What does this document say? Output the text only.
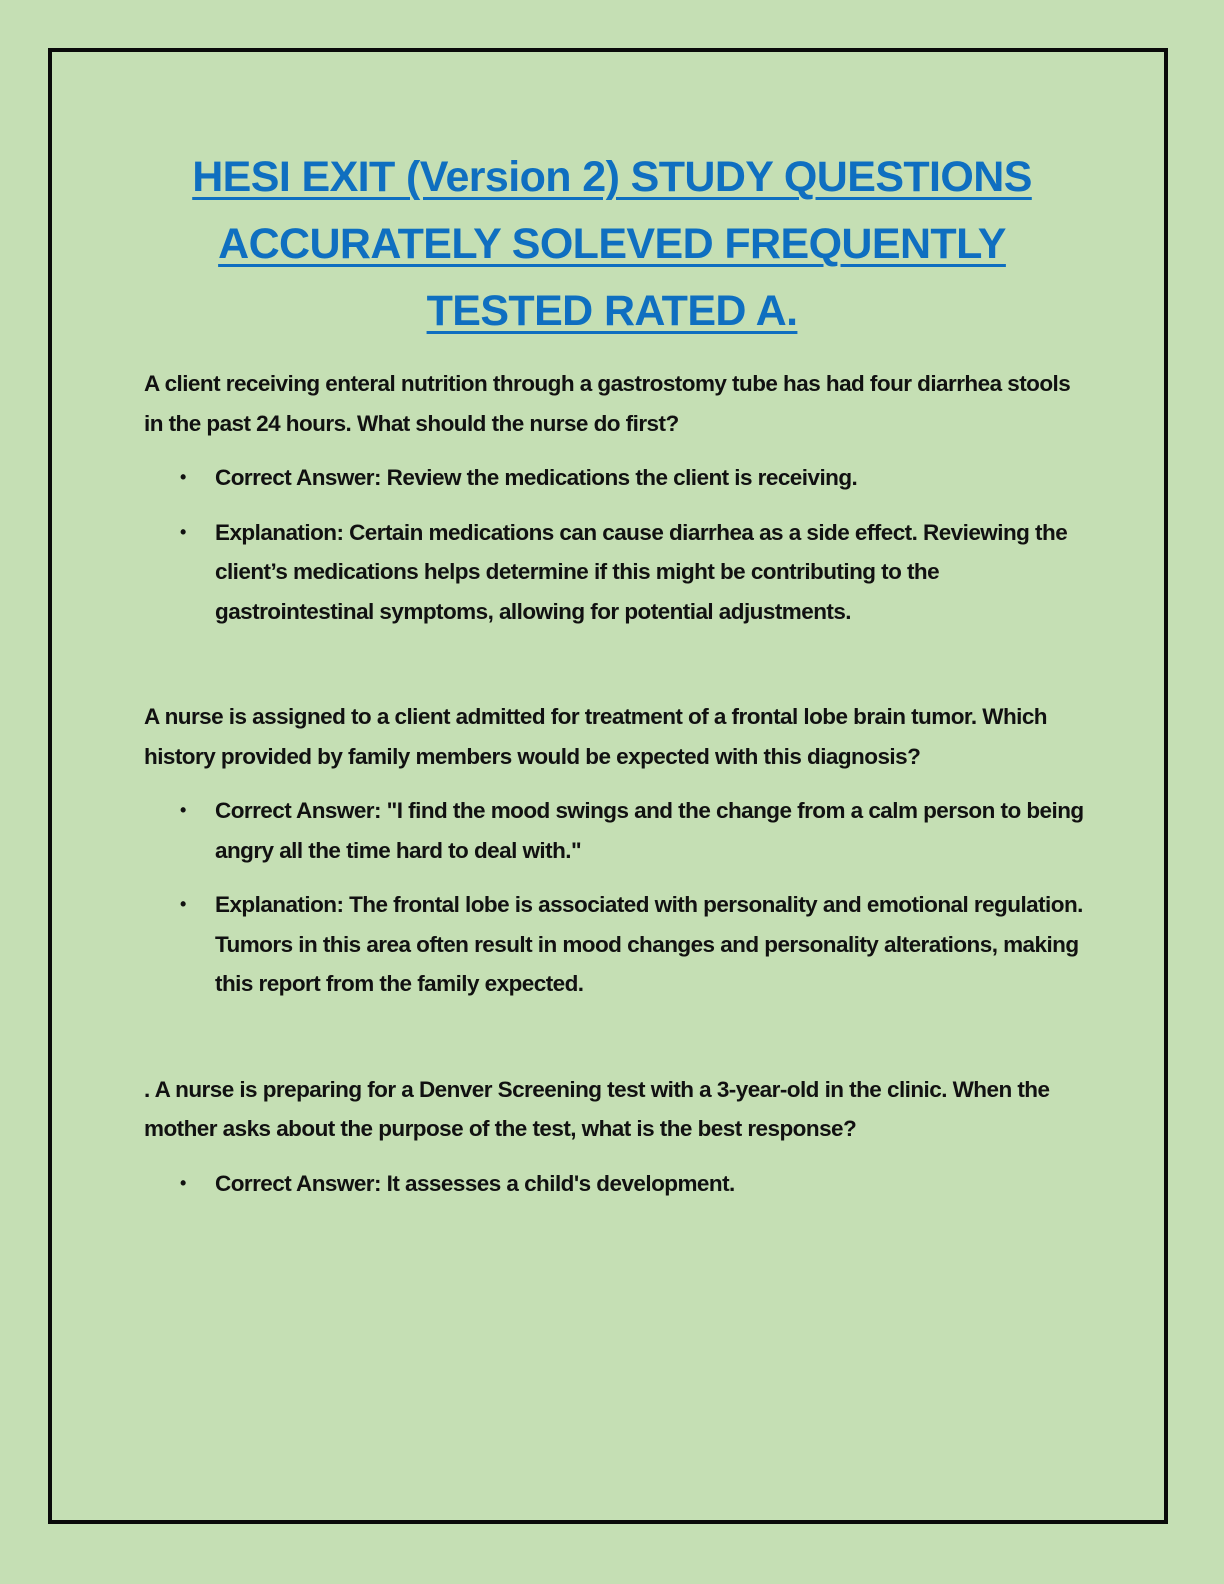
HESI EXIT (Version 2) STUDY QUESTIONS
ACCURATELY SOLEVED FREQUENTLY
TESTED RATED A.

A client receiving enteral nutrition through a gastrostomy tube has had four diarrhea stools in the past 24 hours. What should the nurse do first?

• Correct Answer: Review the medications the client is receiving.
• Explanation: Certain medications can cause diarrhea as a side effect. Reviewing the client’s medications helps determine if this might be contributing to the gastrointestinal symptoms, allowing for potential adjustments.

A nurse is assigned to a client admitted for treatment of a frontal lobe brain tumor. Which history provided by family members would be expected with this diagnosis?

• Correct Answer: "I find the mood swings and the change from a calm person to being angry all the time hard to deal with."
• Explanation: The frontal lobe is associated with personality and emotional regulation. Tumors in this area often result in mood changes and personality alterations, making this report from the family expected.

. A nurse is preparing for a Denver Screening test with a 3-year-old in the clinic. When the mother asks about the purpose of the test, what is the best response?

• Correct Answer: It assesses a child's development.
